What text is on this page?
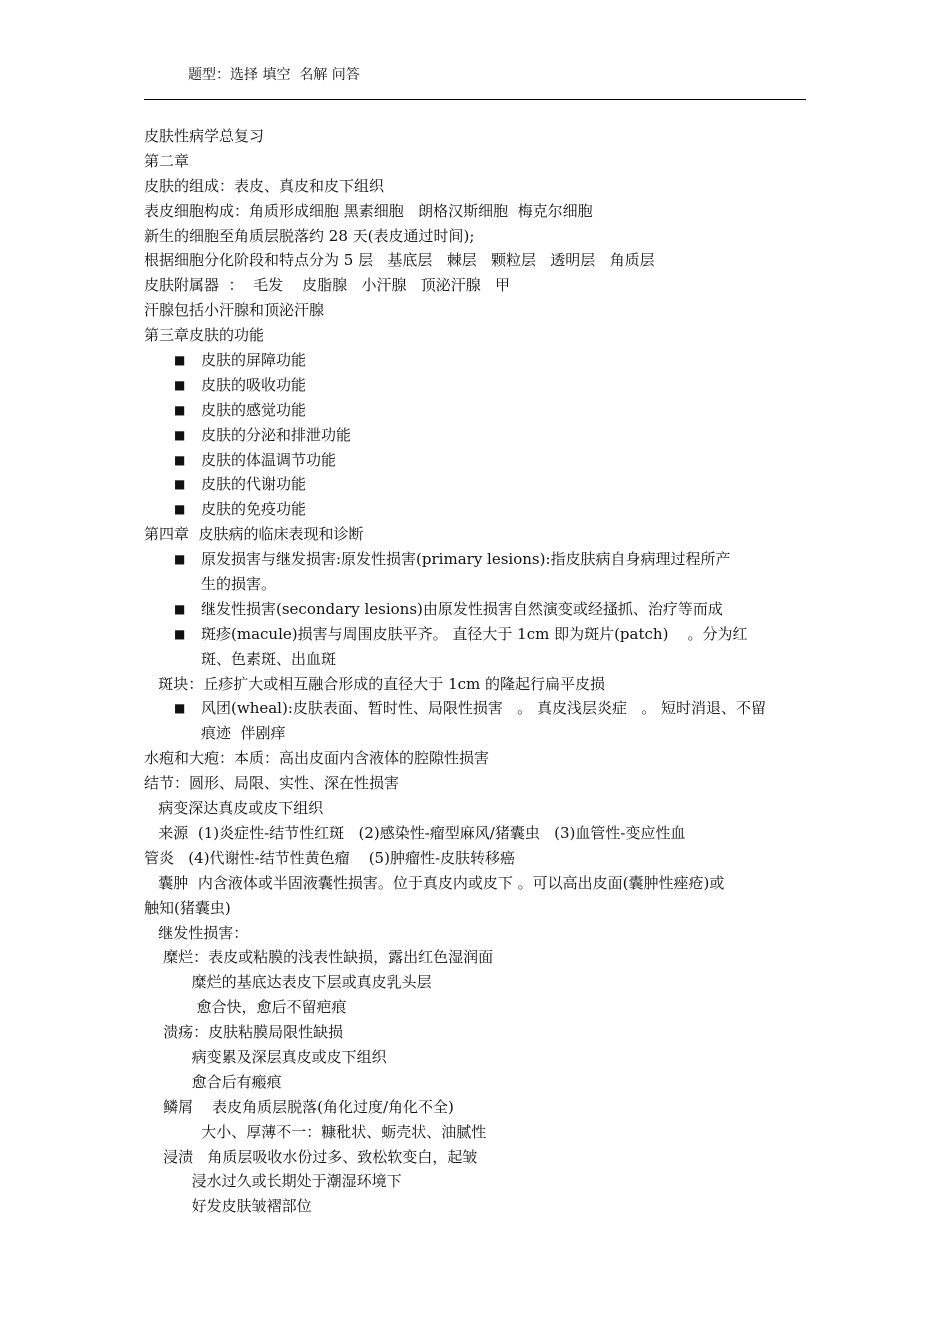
题型：选择 填空  名解 问答
皮肤性病学总复习
第二章
皮肤的组成：表皮、真皮和皮下组织
表皮细胞构成：角质形成细胞 黑素细胞   朗格汉斯细胞  梅克尔细胞
新生的细胞至角质层脱落约 28 天(表皮通过时间);
根据细胞分化阶段和特点分为 5 层   基底层   棘层   颗粒层   透明层   角质层
皮肤附属器  ：  毛发    皮脂腺   小汗腺   顶泌汗腺   甲
汗腺包括小汗腺和顶泌汗腺
第三章皮肤的功能
■ 皮肤的屏障功能
■ 皮肤的吸收功能
■ 皮肤的感觉功能
■ 皮肤的分泌和排泄功能
■ 皮肤的体温调节功能
■ 皮肤的代谢功能
■ 皮肤的免疫功能
第四章  皮肤病的临床表现和诊断
■ 原发损害与继发损害:原发性损害(primary lesions):指皮肤病自身病理过程所产
生的损害。
■ 继发性损害(secondary lesions)由原发性损害自然演变或经搔抓、治疗等而成
■ 斑疹(macule)损害与周围皮肤平齐。 直径大于 1cm 即为斑片(patch)    。分为红
斑、色素斑、出血斑
斑块：丘疹扩大或相互融合形成的直径大于 1cm 的隆起行扁平皮损
■ 风团(wheal):皮肤表面、暂时性、局限性损害   。 真皮浅层炎症   。 短时消退、不留
痕迹  伴剧痒
水疱和大疱：本质：高出皮面内含液体的腔隙性损害
结节：圆形、局限、实性、深在性损害
病变深达真皮或皮下组织
来源  (1)炎症性-结节性红斑   (2)感染性-瘤型麻风/猪囊虫   (3)血管性-变应性血
管炎   (4)代谢性-结节性黄色瘤    (5)肿瘤性-皮肤转移癌
囊肿  内含液体或半固液囊性损害。位于真皮内或皮下 。可以高出皮面(囊肿性痤疮)或
触知(猪囊虫)
继发性损害：
糜烂：表皮或粘膜的浅表性缺损，露出红色湿润面
糜烂的基底达表皮下层或真皮乳头层
愈合快，愈后不留疤痕
溃疡：皮肤粘膜局限性缺损
病变累及深层真皮或皮下组织
愈合后有瘢痕
鳞屑    表皮角质层脱落(角化过度/角化不全)
大小、厚薄不一：糠秕状、蛎壳状、油腻性
浸渍   角质层吸收水份过多、致松软变白，起皱
浸水过久或长期处于潮湿环境下
好发皮肤皱褶部位
